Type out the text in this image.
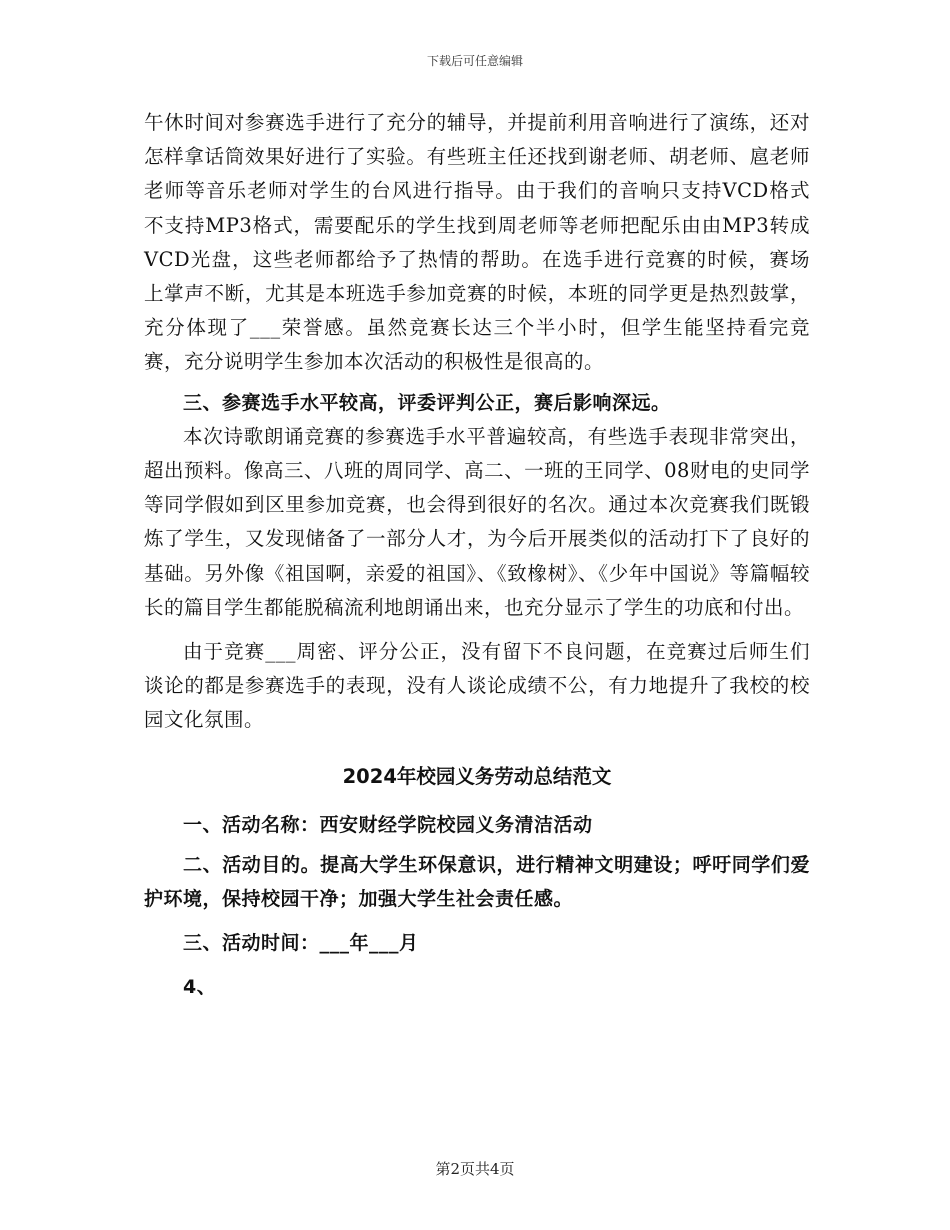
下载后可任意编辑

午休时间对参赛选手进行了充分的辅导，并提前利用音响进行了演练，还对怎样拿话筒效果好进行了实验。有些班主任还找到谢老师、胡老师、扈老师老师等音乐老师对学生的台风进行指导。由于我们的音响只支持VCD格式不支持MP3格式，需要配乐的学生找到周老师等老师把配乐由由MP3转成VCD光盘，这些老师都给予了热情的帮助。在选手进行竞赛的时候，赛场上掌声不断，尤其是本班选手参加竞赛的时候，本班的同学更是热烈鼓掌，充分体现了___荣誉感。虽然竞赛长达三个半小时，但学生能坚持看完竞赛，充分说明学生参加本次活动的积极性是很高的。

三、参赛选手水平较高，评委评判公正，赛后影响深远。

本次诗歌朗诵竞赛的参赛选手水平普遍较高，有些选手表现非常突出，超出预料。像高三、八班的周同学、高二、一班的王同学、08财电的史同学等同学假如到区里参加竞赛，也会得到很好的名次。通过本次竞赛我们既锻炼了学生，又发现储备了一部分人才，为今后开展类似的活动打下了良好的基础。另外像《祖国啊，亲爱的祖国》、《致橡树》、《少年中国说》等篇幅较长的篇目学生都能脱稿流利地朗诵出来，也充分显示了学生的功底和付出。

由于竞赛___周密、评分公正，没有留下不良问题，在竞赛过后师生们谈论的都是参赛选手的表现，没有人谈论成绩不公，有力地提升了我校的校园文化氛围。

2024年校园义务劳动总结范文

一、活动名称：西安财经学院校园义务清洁活动

二、活动目的。提高大学生环保意识，进行精神文明建设；呼吁同学们爱护环境，保持校园干净；加强大学生社会责任感。

三、活动时间：___年___月

4、

第2页共4页
